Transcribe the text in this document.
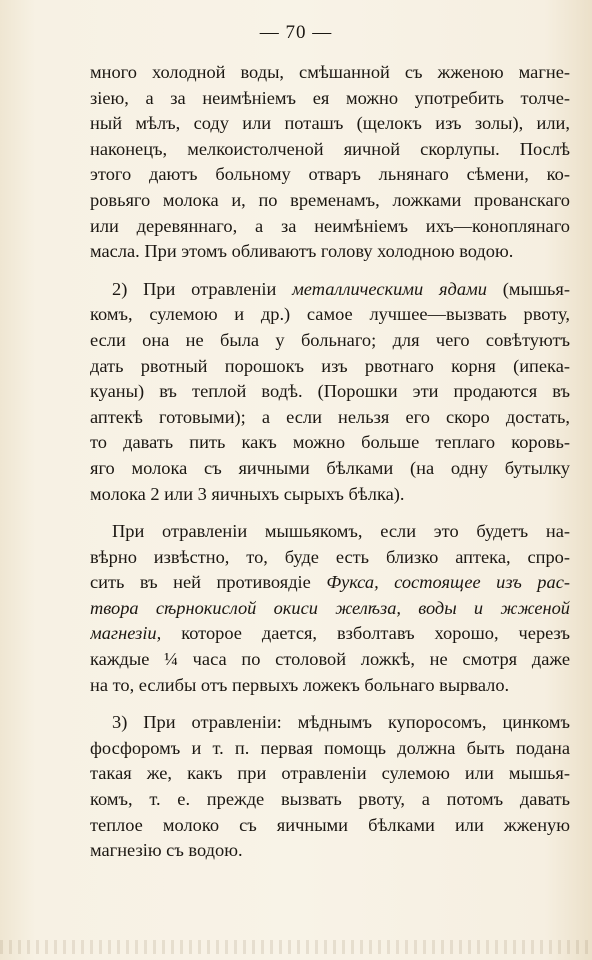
— 70 —
много холодной воды, смѣшанной съ жженою магне-
зіею, а за неимѣніемъ ея можно употребить толче-
ный мѣлъ, соду или поташъ (щелокъ изъ золы), или,
наконецъ, мелкоистолченой яичной скорлупы. Послѣ
этого даютъ больному отваръ льнянаго сѣмени, ко-
ровьяго молока и, по временамъ, ложками прованскаго
или деревяннаго, а за неимѣніемъ ихъ—коноплянаго
масла. При этомъ обливаютъ голову холодною водою.
2) При отравленіи металлическими ядами (мышья-
комъ, сулемою и др.) самое лучшее—вызвать рвоту,
если она не была у больнаго; для чего совѣтуютъ
дать рвотный порошокъ изъ рвотнаго корня (ипека-
куаны) въ теплой водѣ. (Порошки эти продаются въ
аптекѣ готовыми); а если нельзя его скоро достать,
то давать пить какъ можно больше теплаго коровь-
яго молока съ яичными бѣлками (на одну бутылку
молока 2 или 3 яичныхъ сырыхъ бѣлка).
При отравленіи мышьякомъ, если это будетъ на-
вѣрно извѣстно, то, буде есть близко аптека, спро-
сить въ ней противоядіе Фукса, состоящее изъ рас-
твора сѣрнокислой окиси желѣза, воды и жженой
магнезіи, которое дается, взболтавъ хорошо, черезъ
каждые ¼ часа по столовой ложкѣ, не смотря даже
на то, еслибы отъ первыхъ ложекъ больнаго вырвало.
3) При отравленіи: мѣднымъ купоросомъ, цинкомъ
фосфоромъ и т. п. первая помощь должна быть подана
такая же, какъ при отравленіи сулемою или мышья-
комъ, т. е. прежде вызвать рвоту, а потомъ давать
теплое молоко съ яичными бѣлками или жженую
магнезію съ водою.
